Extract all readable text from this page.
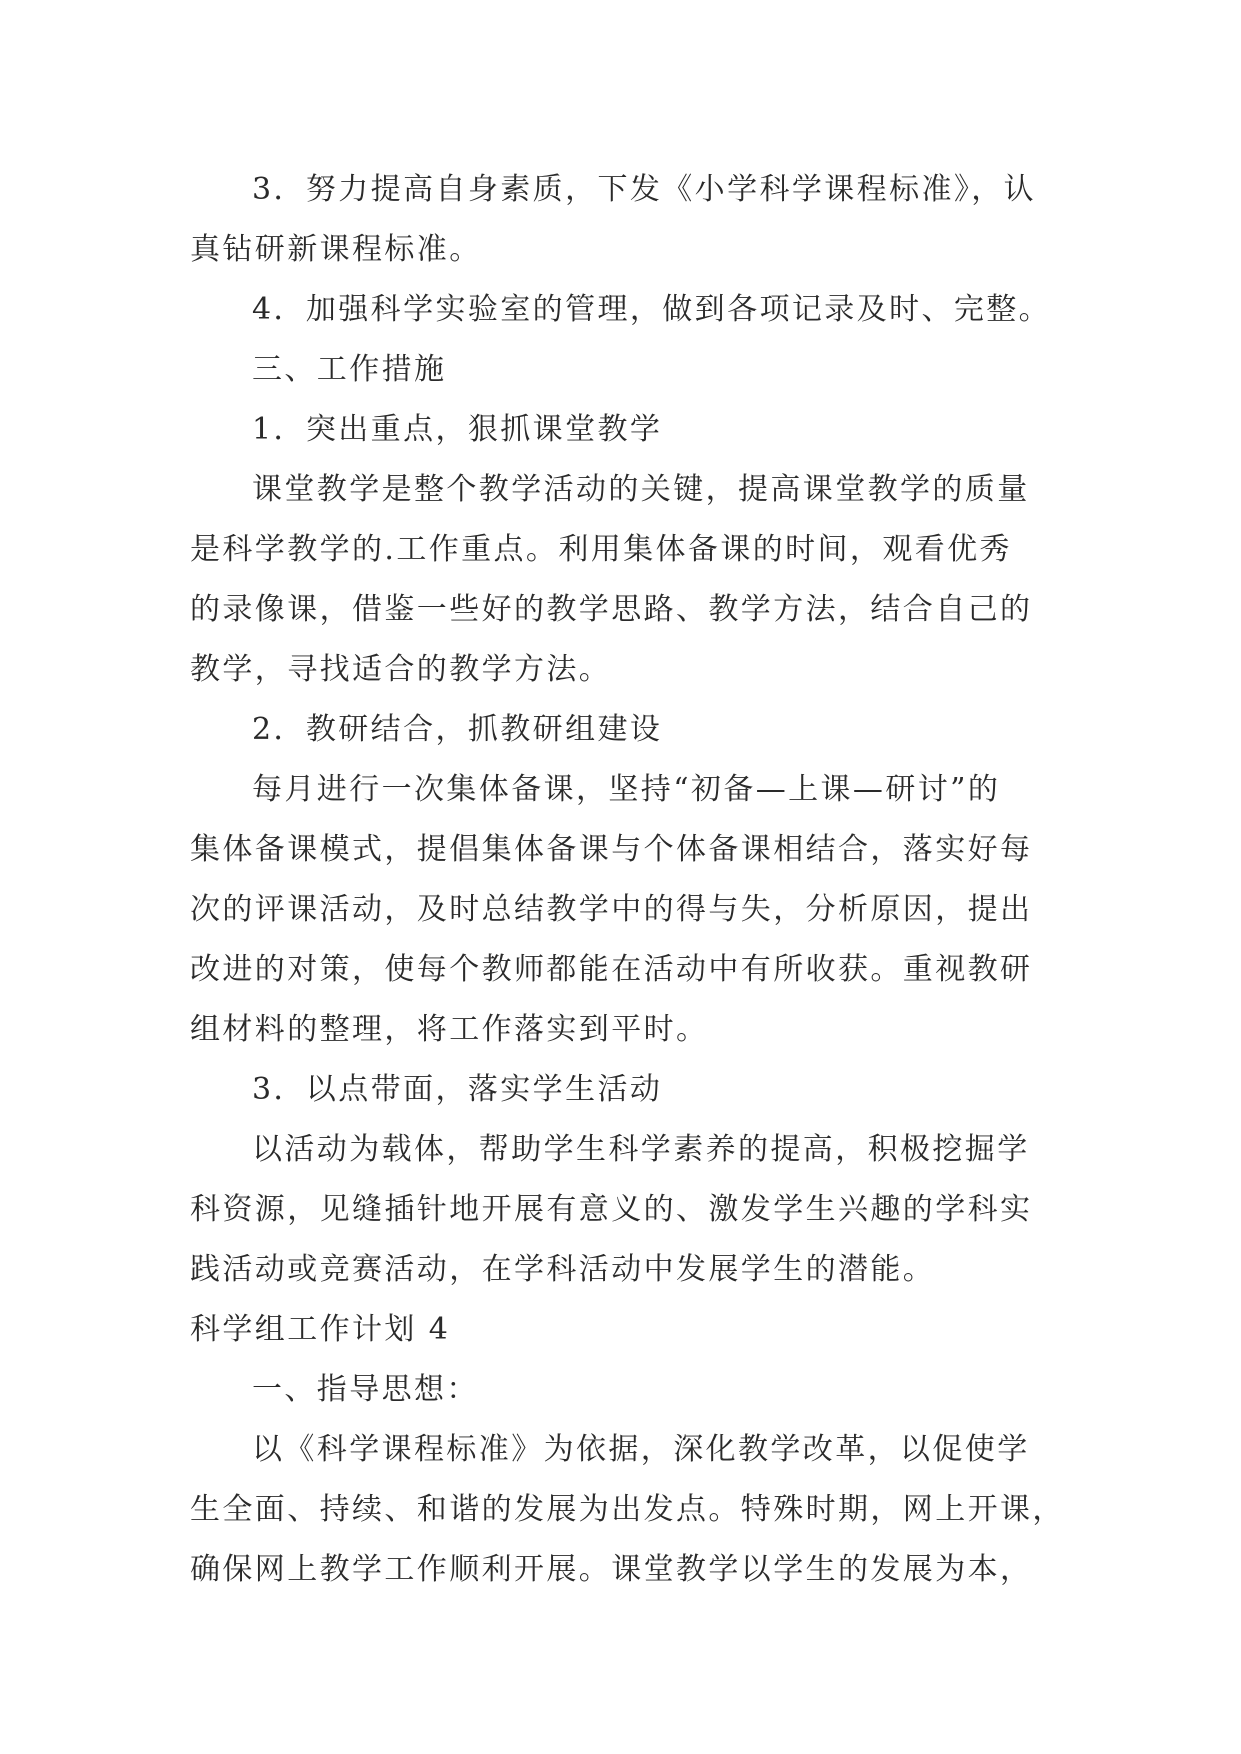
3．努力提高自身素质，下发《小学科学课程标准》，认
真钻研新课程标准。
4．加强科学实验室的管理，做到各项记录及时、完整。
三、工作措施
1．突出重点，狠抓课堂教学
课堂教学是整个教学活动的关键，提高课堂教学的质量
是科学教学的.工作重点。利用集体备课的时间，观看优秀
的录像课，借鉴一些好的教学思路、教学方法，结合自己的
教学，寻找适合的教学方法。
2．教研结合，抓教研组建设
每月进行一次集体备课，坚持“初备—上课—研讨”的
集体备课模式，提倡集体备课与个体备课相结合，落实好每
次的评课活动，及时总结教学中的得与失，分析原因，提出
改进的对策，使每个教师都能在活动中有所收获。重视教研
组材料的整理，将工作落实到平时。
3．以点带面，落实学生活动
以活动为载体，帮助学生科学素养的提高，积极挖掘学
科资源，见缝插针地开展有意义的、激发学生兴趣的学科实
践活动或竞赛活动，在学科活动中发展学生的潜能。
科学组工作计划 4
一、指导思想：
以《科学课程标准》为依据，深化教学改革，以促使学
生全面、持续、和谐的发展为出发点。特殊时期，网上开课，
确保网上教学工作顺利开展。课堂教学以学生的发展为本，
